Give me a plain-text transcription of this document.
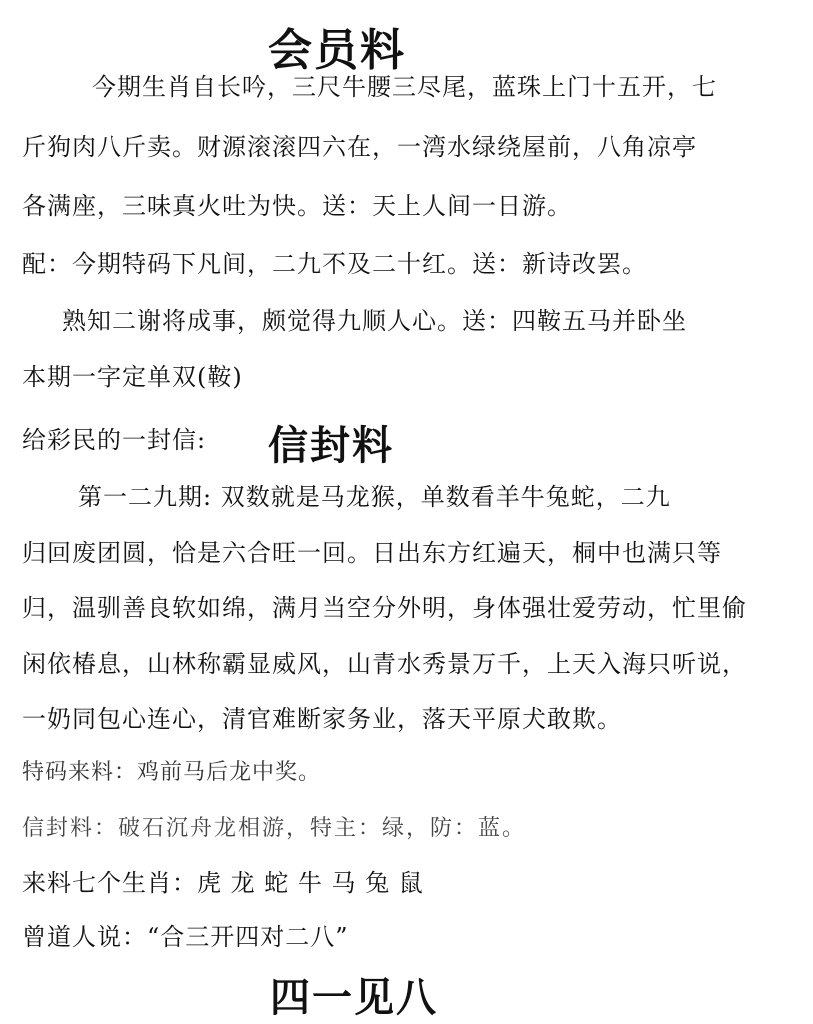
会员料
今期生肖自长吟，三尺牛腰三尽尾，蓝珠上门十五开，七
斤狗肉八斤卖。财源滚滚四六在，一湾水绿绕屋前，八角凉亭
各满座，三味真火吐为快。送：天上人间一日游。
配：今期特码下凡间，二九不及二十红。送：新诗改罢。
熟知二谢将成事，颇觉得九顺人心。送：四鞍五马并卧坐
本期一字定单双(鞍)
给彩民的一封信: 信封料
第一二九期: 双数就是马龙猴，单数看羊牛兔蛇，二九
归回废团圆，恰是六合旺一回。日出东方红遍天，桐中也满只等
归，温驯善良软如绵，满月当空分外明，身体强壮爱劳动，忙里偷
闲依椿息，山林称霸显威风，山青水秀景万千，上天入海只听说，
一奶同包心连心，清官难断家务业，落天平原犬敢欺。
特码来料：鸡前马后龙中奖。
信封料：破石沉舟龙相游，特主：绿，防：蓝。
来料七个生肖：虎 龙 蛇 牛 马 兔 鼠
曾道人说：“合三开四对二八”
四一见八
